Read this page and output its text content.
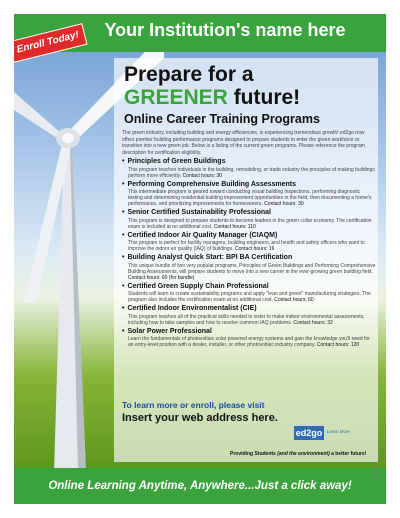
Your Institution's name here
Enroll Today!
Prepare for a
GREENER future!
Online Career Training Programs
The green industry, including building and energy efficiencies, is experiencing tremendous growth! ed2go now offers premier building performance programs designed to prepare students to enter the green workforce or transition into a new green job. Below is a listing of the current green programs. Please reference the program description for certification eligibility.
• Principles of Green Buildings
This program teaches individuals in the building, remodeling, or trade industry the principles of making buildings perform more efficiently. Contact hours: 30
• Performing Comprehensive Building Assessments
This intermediate program is geared toward conducting visual building inspections, performing diagnostic testing and determining residential building improvement opportunities in the field, then documenting a home's performance, and prioritizing improvements for homeowners. Contact hours: 30
• Senior Certified Sustainability Professional
This program is designed to prepare students to become leaders in the green collar economy. The certification exam is included at no additional cost. Contact hours: 110
• Certified Indoor Air Quality Manager (CIAQM)
This program is perfect for facility managers, building engineers, and health and safety officers who want to improve the indoor air quality (IAQ) of buildings. Contact hours: 16
• Building Analyst Quick Start: BPI BA Certification
This unique bundle of two very popular programs, Principles of Green Buildings and Performing Comprehensive Building Assessments, will prepare students to move into a new career in the ever-growing green building field. Contact hours: 60 (for bundle)
• Certified Green Supply Chain Professional
Students will learn to create sustainability programs and apply "lean and green" manufacturing strategies. The program also includes the certification exam at no additional cost. Contact hours: 60
• Certified Indoor Environmentalist (CIE)
This program teaches all of the practical skills needed in order to make indoor environmental assessments, including how to take samples and how to resolve common IAQ problems. Contact hours: 32
• Solar Power Professional
Learn the fundamentals of photovoltaic solar powered energy systems and gain the knowledge you'll need for an entry-level position with a dealer, installer, or other photovoltaic industry company. Contact hours: 120
To learn more or enroll, please visit
Insert your web address here.
ed2go	Learn More
Providing Students (and the environment) a better future!
Online Learning Anytime, Anywhere...Just a click away!
G2050112
